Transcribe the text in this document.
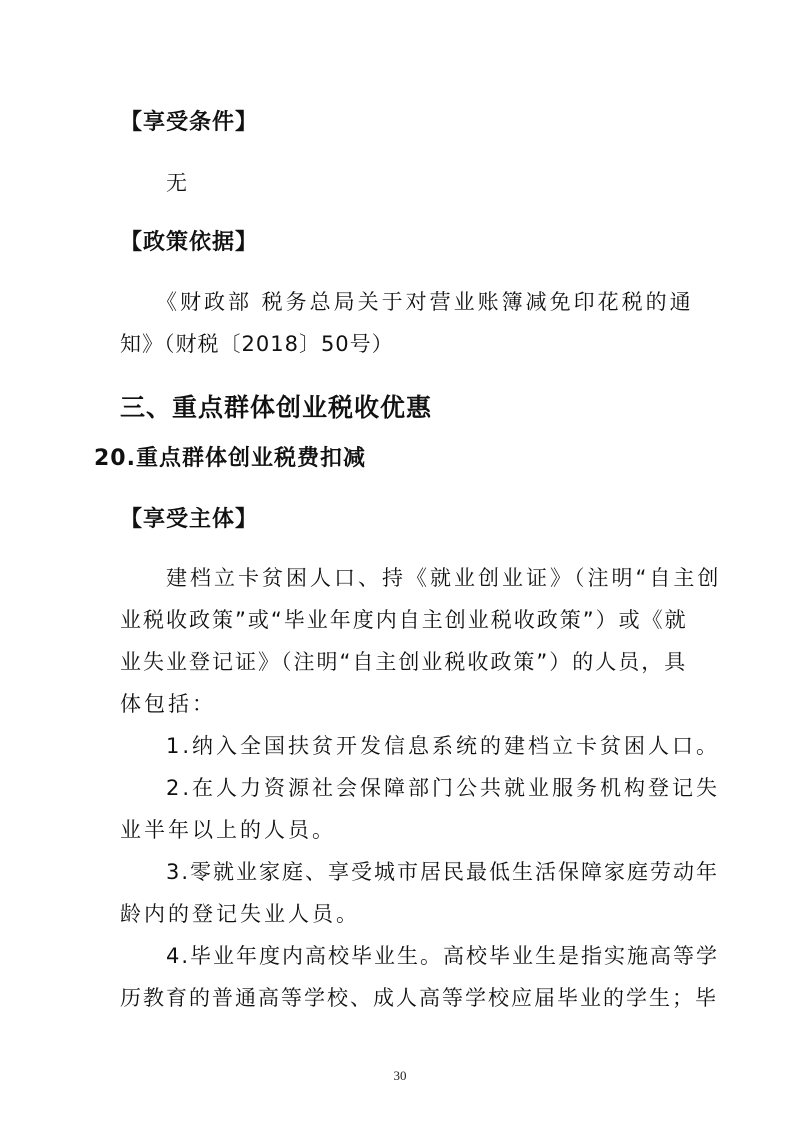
【享受条件】

无

【政策依据】

《财政部 税务总局关于对营业账簿减免印花税的通

知》（财税〔2018〕50号）

三、重点群体创业税收优惠

20.重点群体创业税费扣减

【享受主体】

建档立卡贫困人口、持《就业创业证》（注明“自主创

业税收政策”或“毕业年度内自主创业税收政策”）或《就

业失业登记证》（注明“自主创业税收政策”）的人员，具

体包括：

1.纳入全国扶贫开发信息系统的建档立卡贫困人口。

2.在人力资源社会保障部门公共就业服务机构登记失

业半年以上的人员。

3.零就业家庭、享受城市居民最低生活保障家庭劳动年

龄内的登记失业人员。

4.毕业年度内高校毕业生。高校毕业生是指实施高等学

历教育的普通高等学校、成人高等学校应届毕业的学生；毕

30
